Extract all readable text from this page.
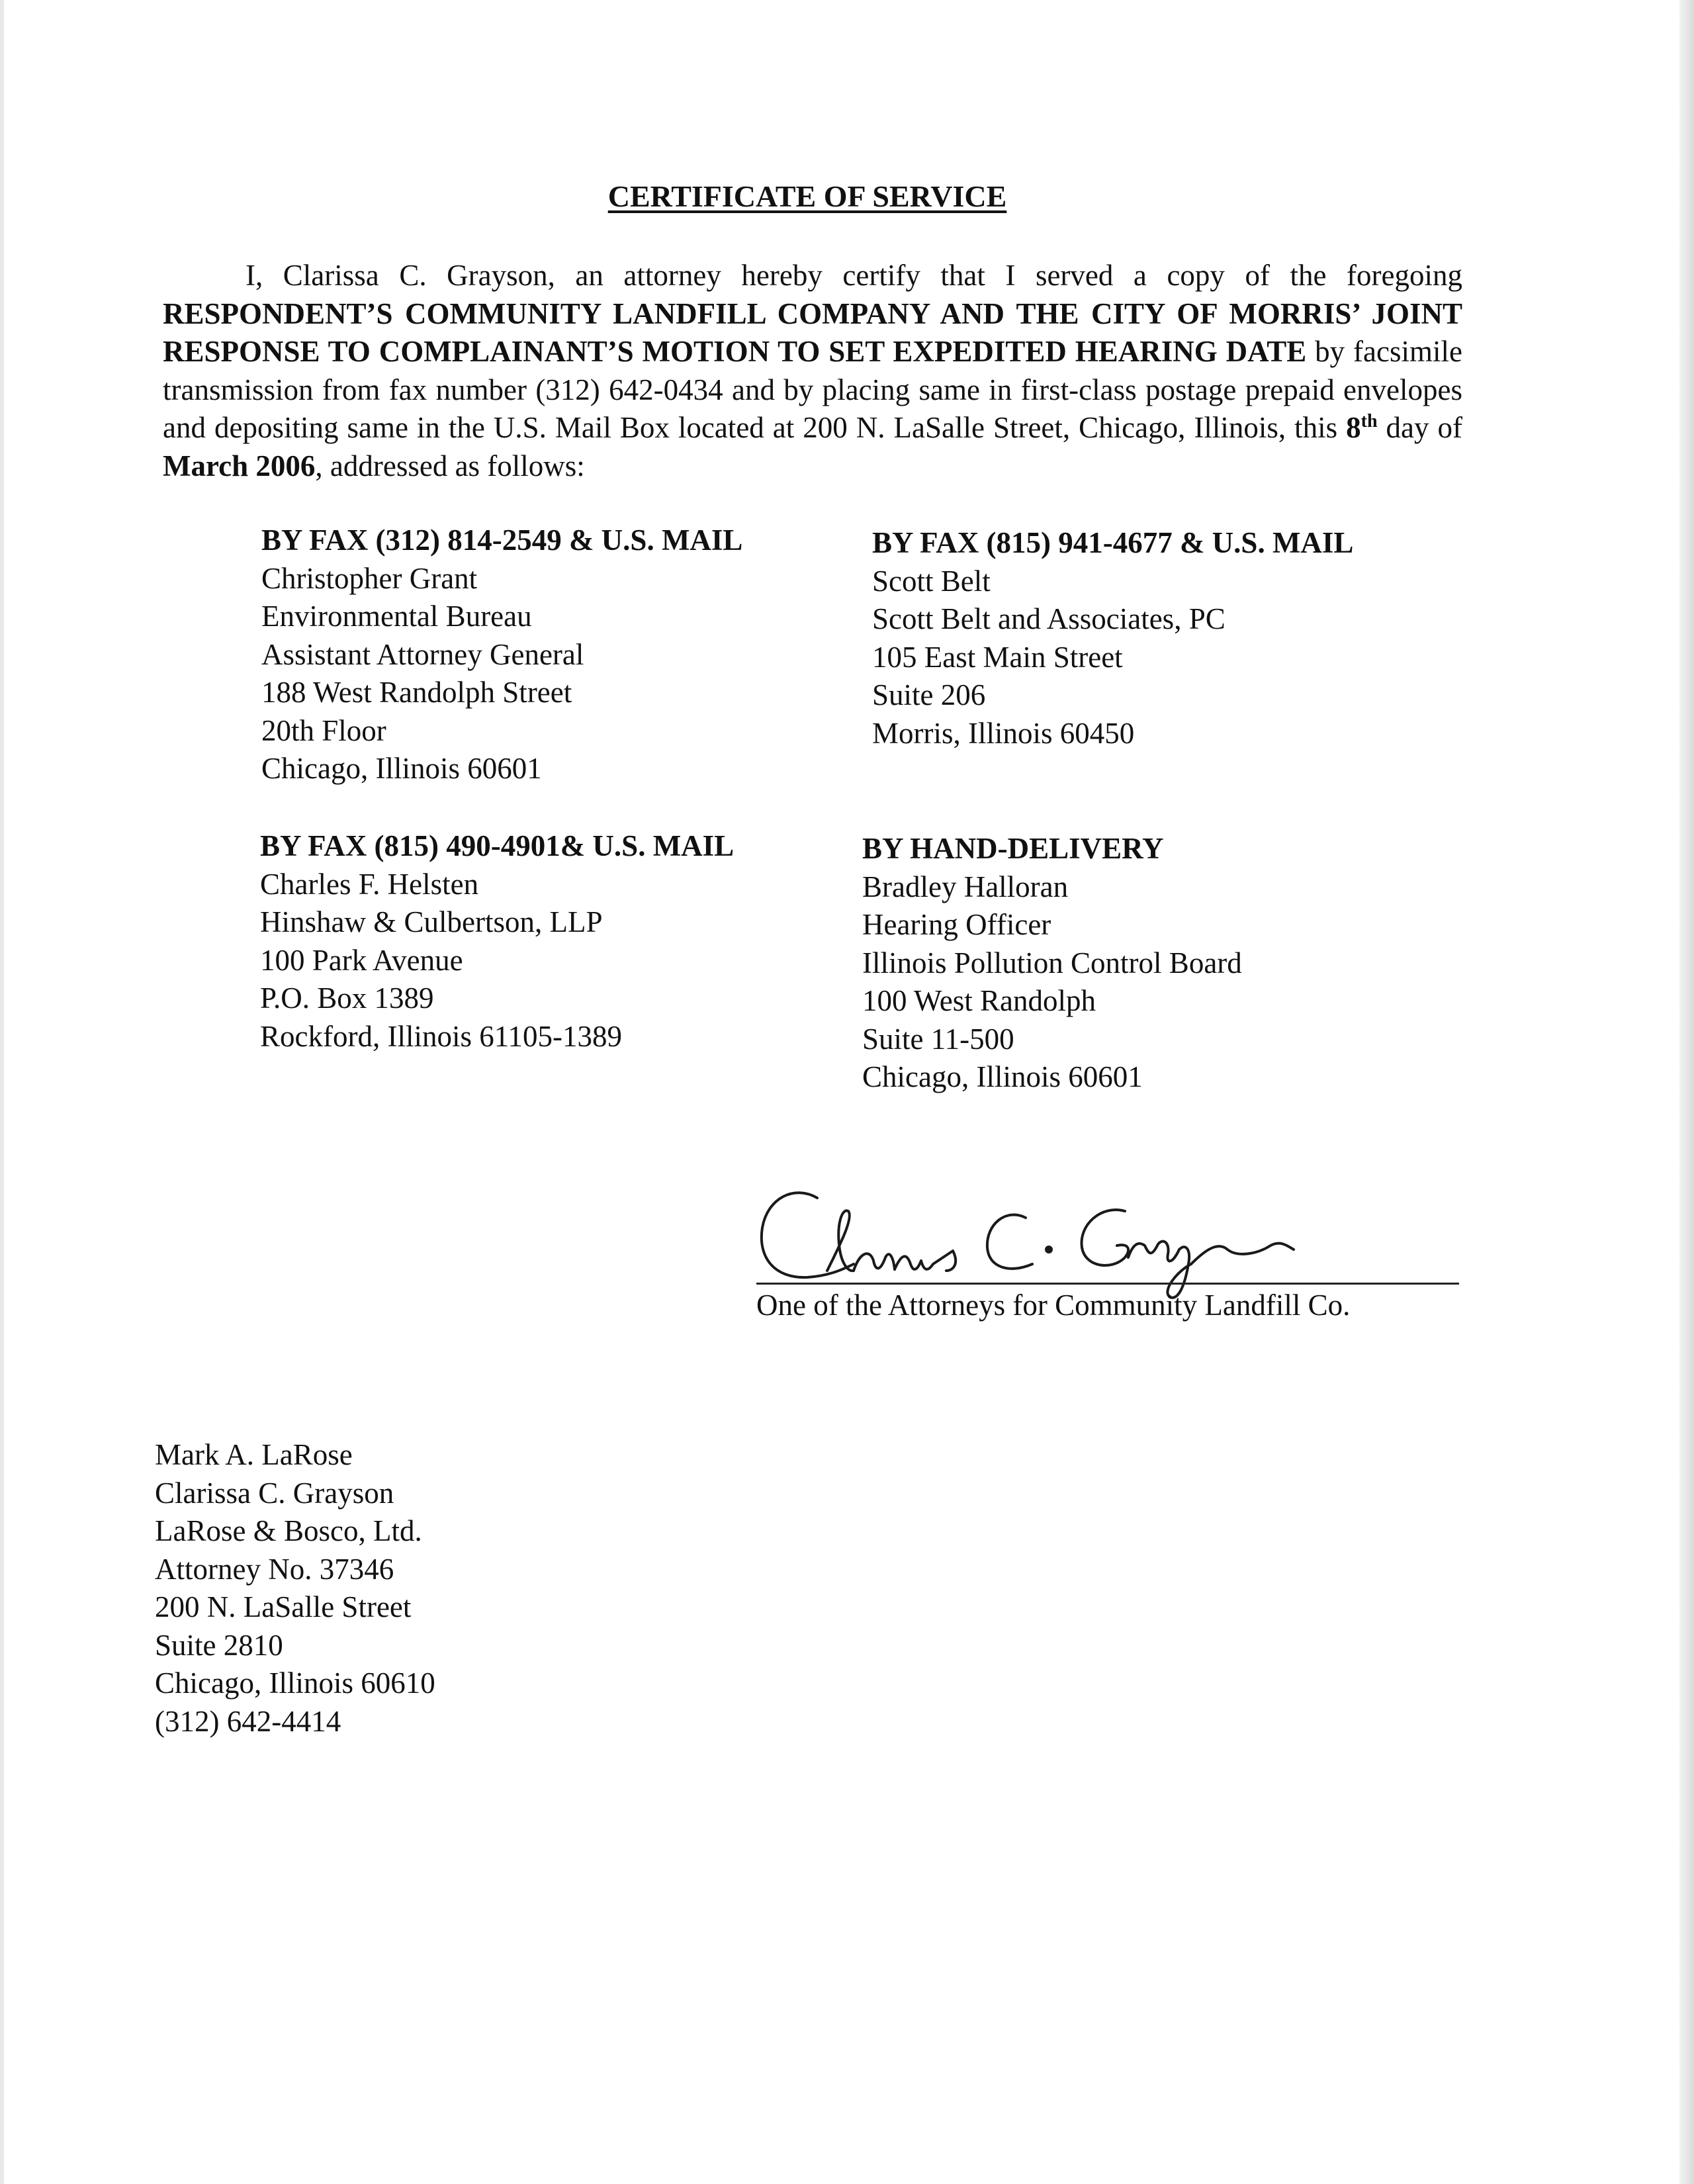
CERTIFICATE OF SERVICE
I, Clarissa C. Grayson, an attorney hereby certify that I served a copy of the foregoing RESPONDENT’S COMMUNITY LANDFILL COMPANY AND THE CITY OF MORRIS’ JOINT RESPONSE TO COMPLAINANT’S MOTION TO SET EXPEDITED HEARING DATE by facsimile transmission from fax number (312) 642-0434 and by placing same in first-class postage prepaid envelopes and depositing same in the U.S. Mail Box located at 200 N. LaSalle Street, Chicago, Illinois, this 8th day of March 2006, addressed as follows:
BY FAX (312) 814-2549 & U.S. MAIL
Christopher Grant
Environmental Bureau
Assistant Attorney General
188 West Randolph Street
20th Floor
Chicago, Illinois 60601
BY FAX (815) 941-4677 & U.S. MAIL
Scott Belt
Scott Belt and Associates, PC
105 East Main Street
Suite 206
Morris, Illinois 60450
BY FAX (815) 490-4901& U.S. MAIL
Charles F. Helsten
Hinshaw & Culbertson, LLP
100 Park Avenue
P.O. Box 1389
Rockford, Illinois 61105-1389
BY HAND-DELIVERY
Bradley Halloran
Hearing Officer
Illinois Pollution Control Board
100 West Randolph
Suite 11-500
Chicago, Illinois 60601
One of the Attorneys for Community Landfill Co.
Mark A. LaRose
Clarissa C. Grayson
LaRose & Bosco, Ltd.
Attorney No. 37346
200 N. LaSalle Street
Suite 2810
Chicago, Illinois 60610
(312) 642-4414
